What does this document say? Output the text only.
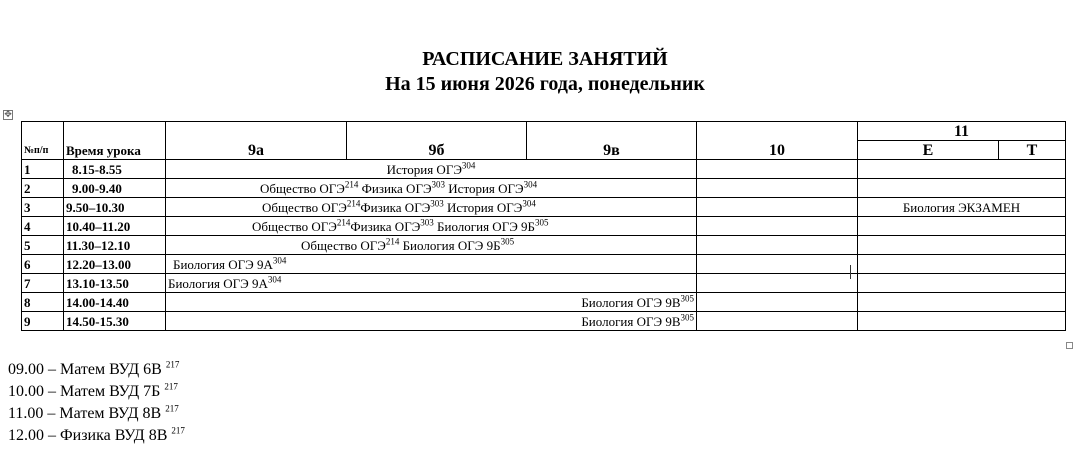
РАСПИСАНИЕ ЗАНЯТИЙ
На 15 июня 2026 года, понедельник
✥
№п/п	Время урока	9а	9б	9в	10	11	
						Е	Т
1	8.15-8.55	История ОГЭ$^{304}$		
2	9.00-9.40	Общество ОГЭ$^{214}$ Физика ОГЭ$^{303}$ История ОГЭ$^{304}$		
3	9.50–10.30	Общество ОГЭ$^{214}$Физика ОГЭ$^{303}$ История ОГЭ$^{304}$				Биология ЭКЗАМЕН	
4	10.40–11.20	Общество ОГЭ$^{214}$Физика ОГЭ$^{303}$ Биология ОГЭ $9Б^{305}$		
5	11.30–12.10	Общество ОГЭ$^{214}$ Биология ОГЭ $9Б^{305}$		
6	12.20–13.00	Биология ОГЭ $9А^{304}$		
7	13.10-13.50	Биология ОГЭ $9А^{304}$		
8	14.00-14.40	Биология ОГЭ $9В^{305}$		
9	14.50-15.30	Биология ОГЭ $9В^{305}$		
09.00 – Матем ВУД 6В $^{217}$
10.00 – Матем ВУД 7Б $^{217}$
11.00 – Матем ВУД 8В $^{217}$
12.00 – Физика ВУД 8В $^{217}$
